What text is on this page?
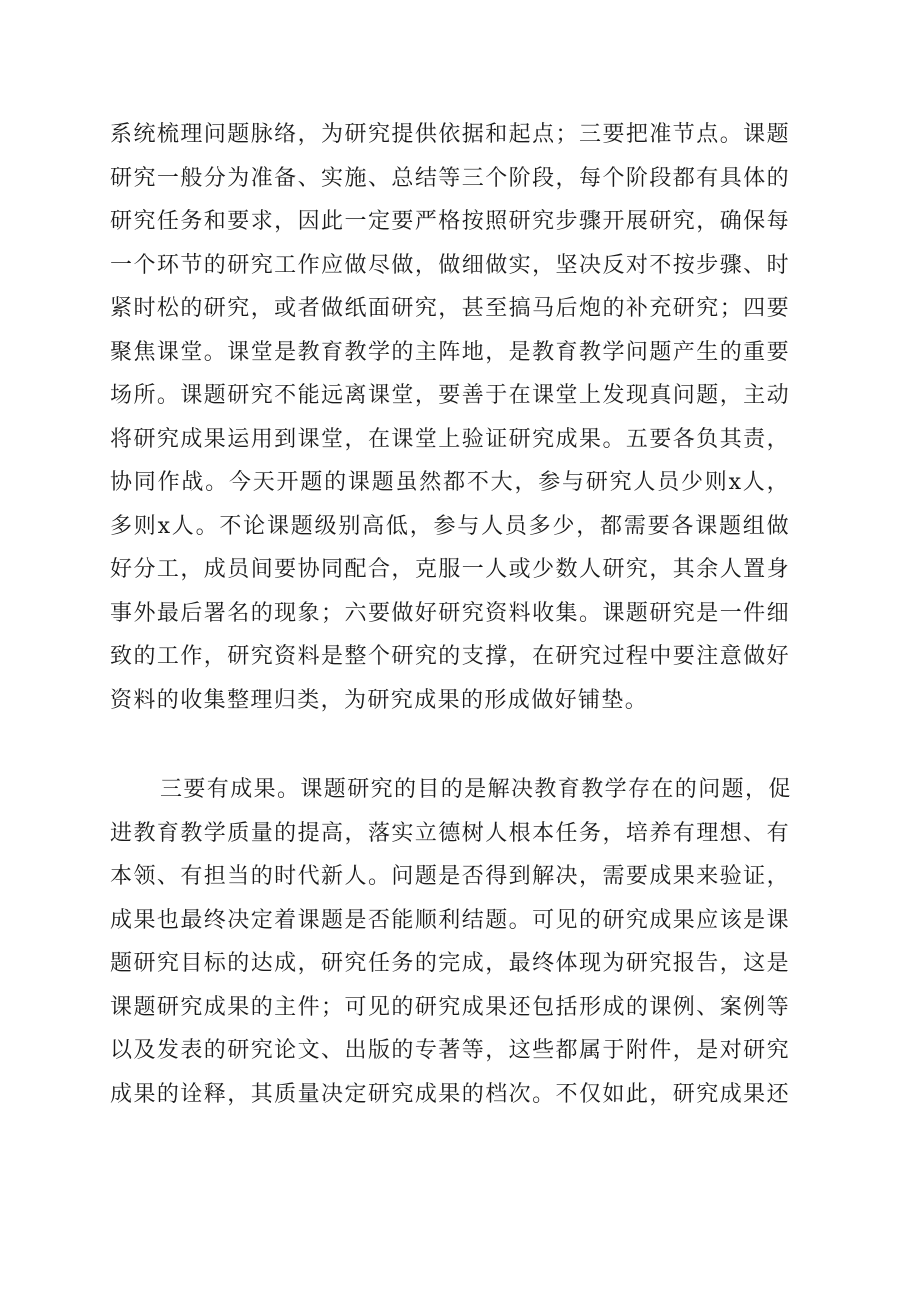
系统梳理问题脉络，为研究提供依据和起点；三要把准节点。课题
研究一般分为准备、实施、总结等三个阶段，每个阶段都有具体的
研究任务和要求，因此一定要严格按照研究步骤开展研究，确保每
一个环节的研究工作应做尽做，做细做实，坚决反对不按步骤、时
紧时松的研究，或者做纸面研究，甚至搞马后炮的补充研究；四要
聚焦课堂。课堂是教育教学的主阵地，是教育教学问题产生的重要
场所。课题研究不能远离课堂，要善于在课堂上发现真问题，主动
将研究成果运用到课堂，在课堂上验证研究成果。五要各负其责，
协同作战。今天开题的课题虽然都不大，参与研究人员少则x人，
多则x人。不论课题级别高低，参与人员多少，都需要各课题组做
好分工，成员间要协同配合，克服一人或少数人研究，其余人置身
事外最后署名的现象；六要做好研究资料收集。课题研究是一件细
致的工作，研究资料是整个研究的支撑，在研究过程中要注意做好
资料的收集整理归类，为研究成果的形成做好铺垫。
三要有成果。课题研究的目的是解决教育教学存在的问题，促
进教育教学质量的提高，落实立德树人根本任务，培养有理想、有
本领、有担当的时代新人。问题是否得到解决，需要成果来验证，
成果也最终决定着课题是否能顺利结题。可见的研究成果应该是课
题研究目标的达成，研究任务的完成，最终体现为研究报告，这是
课题研究成果的主件；可见的研究成果还包括形成的课例、案例等
以及发表的研究论文、出版的专著等，这些都属于附件，是对研究
成果的诠释，其质量决定研究成果的档次。不仅如此，研究成果还
